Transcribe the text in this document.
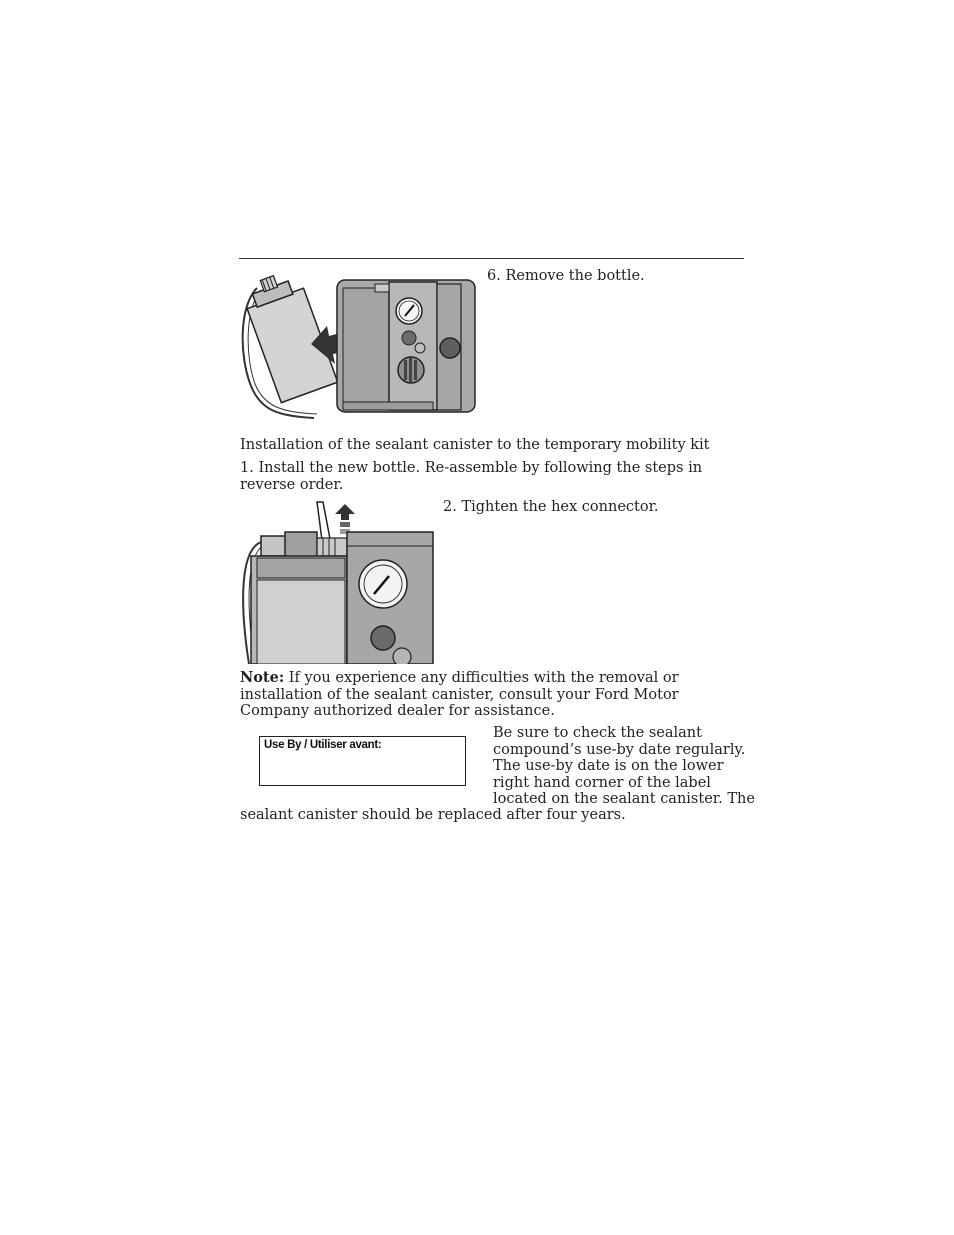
6. Remove the bottle.

Installation of the sealant canister to the temporary mobility kit

1. Install the new bottle. Re-assemble by following the steps in reverse order.

2. Tighten the hex connector.

Note: If you experience any difficulties with the removal or installation of the sealant canister, consult your Ford Motor Company authorized dealer for assistance.

Use By / Utiliser avant:

Be sure to check the sealant

compound’s use-by date regularly.

The use-by date is on the lower

right hand corner of the label

located on the sealant canister. The

sealant canister should be replaced after four years.
